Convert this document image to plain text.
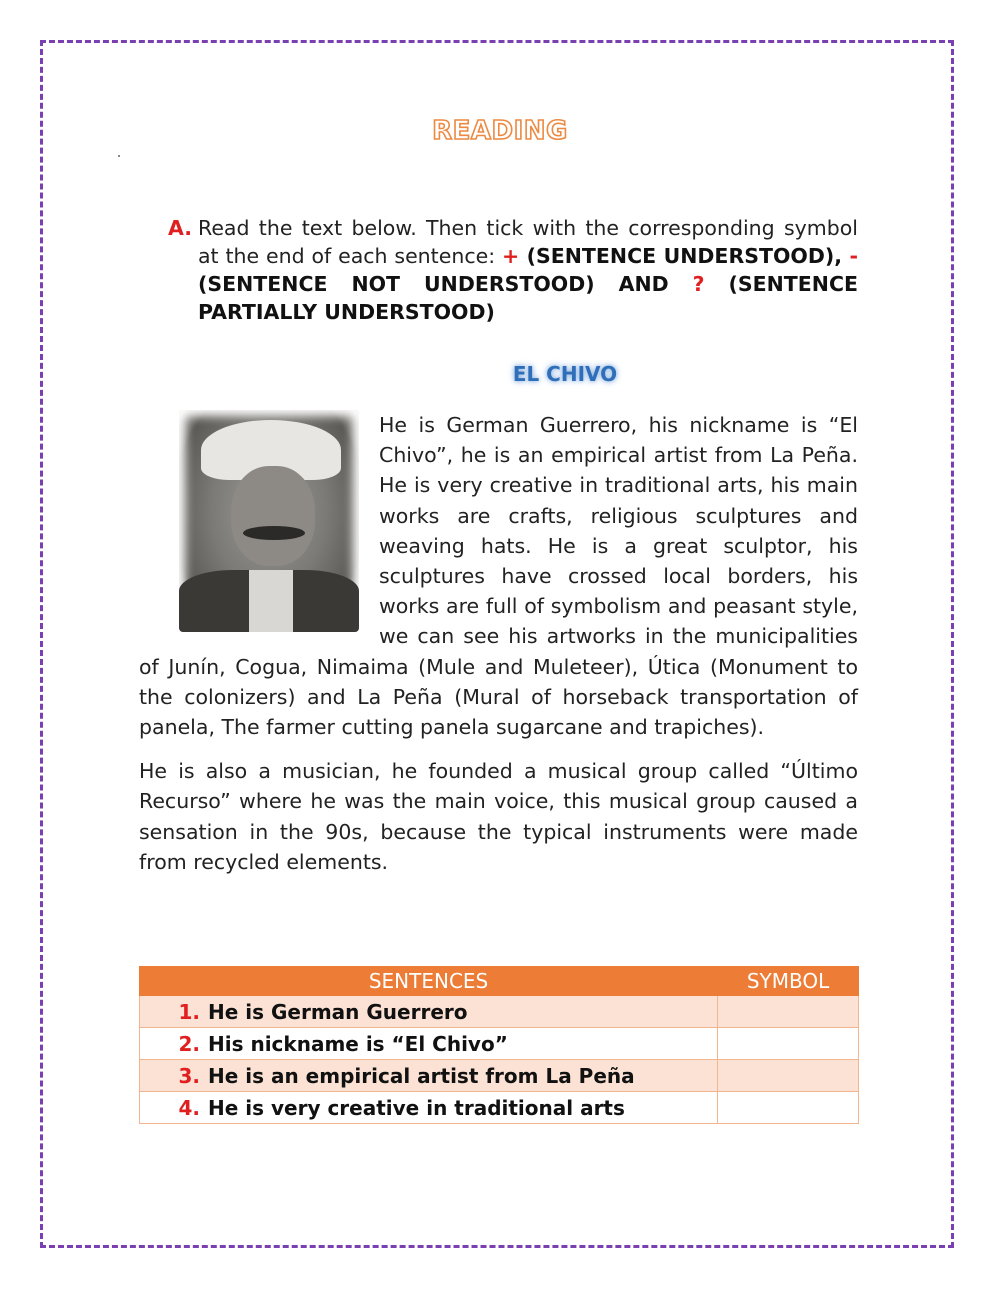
READING
A. Read the text below. Then tick with the corresponding symbol at the end of each sentence: + (SENTENCE UNDERSTOOD), - (SENTENCE NOT UNDERSTOOD) AND ? (SENTENCE PARTIALLY UNDERSTOOD)
EL CHIVO

He is German Guerrero, his nickname is “El Chivo”, he is an empirical artist from La Peña. He is very creative in traditional arts, his main works are crafts, religious sculptures and weaving hats. He is a great sculptor, his sculptures have crossed local borders, his works are full of symbolism and peasant style, we can see his artworks in the municipalities of Junín, Cogua, Nimaima (Mule and Muleteer), Útica (Monument to the colonizers) and La Peña (Mural of horseback transportation of panela, The farmer cutting panela sugarcane and trapiches).

He is also a musician, he founded a musical group called “Último Recurso” where he was the main voice, this musical group caused a sensation in the 90s, because the typical instruments were made from recycled elements.

SENTENCES	SYMBOL
1. He is German Guerrero	
2. His nickname is “El Chivo”	
3. He is an empirical artist from La Peña	
4. He is very creative in traditional arts	
